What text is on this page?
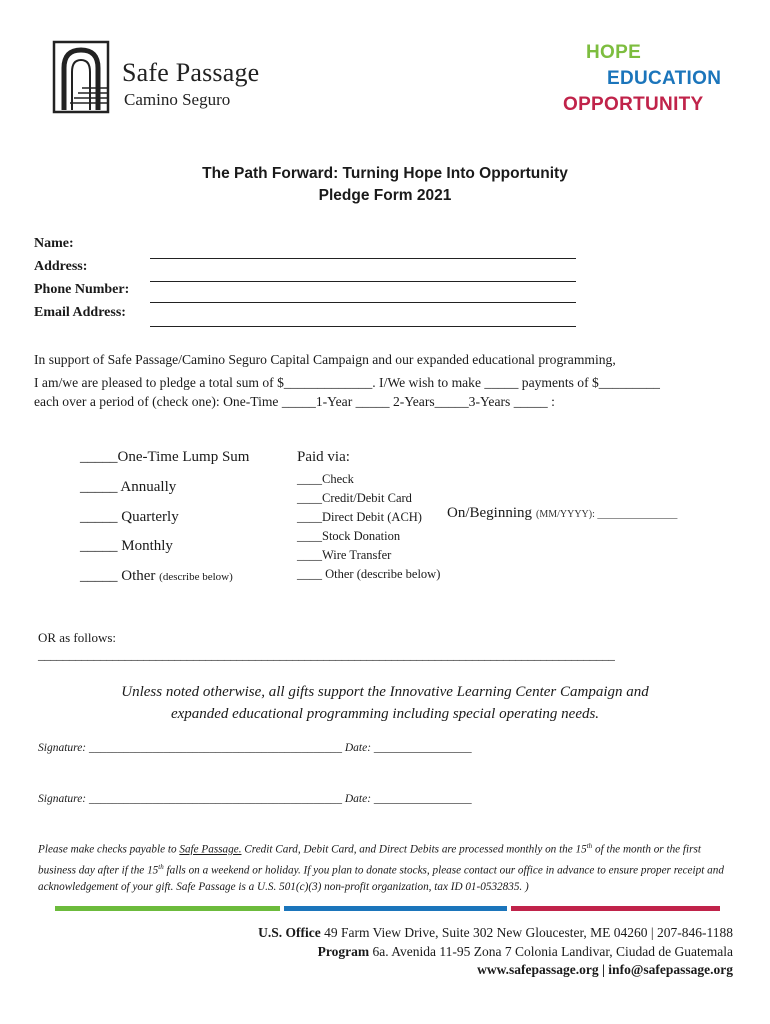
Safe Passage
Camino Seguro
HOPE
EDUCATION
OPPORTUNITY
The Path Forward: Turning Hope Into Opportunity
Pledge Form 2021
Name:
Address:
Phone Number:
Email Address:
In support of Safe Passage/Camino Seguro Capital Campaign and our expanded educational programming,
I am/we are pleased to pledge a total sum of $_____________. I/We wish to make _____ payments of $_________
each over a period of (check one): One-Time _____1-Year _____ 2-Years_____3-Years _____ :
_____One-Time Lump Sum
_____ Annually
_____ Quarterly
_____ Monthly
_____ Other (describe below)
Paid via:
____Check
____Credit/Debit Card
____Direct Debit (ACH)
____Stock Donation
____Wire Transfer
____ Other (describe below)
On/Beginning (MM/YYYY): ________________
OR as follows:
_____________________________________________________________________________________________
Unless noted otherwise, all gifts support the Innovative Learning Center Campaign and
expanded educational programming including special operating needs.
Signature: ____________________________________________ Date: _________________
Signature: ____________________________________________ Date: _________________
Please make checks payable to Safe Passage. Credit Card, Debit Card, and Direct Debits are processed monthly on the 15th of the month or the first business day after if the 15th falls on a weekend or holiday. If you plan to donate stocks, please contact our office in advance to ensure proper receipt and acknowledgement of your gift. Safe Passage is a U.S. 501(c)(3) non-profit organization, tax ID 01-0532835. )
U.S. Office 49 Farm View Drive, Suite 302 New Gloucester, ME 04260 | 207-846-1188
Program 6a. Avenida 11-95 Zona 7 Colonia Landivar, Ciudad de Guatemala
www.safepassage.org | info@safepassage.org
